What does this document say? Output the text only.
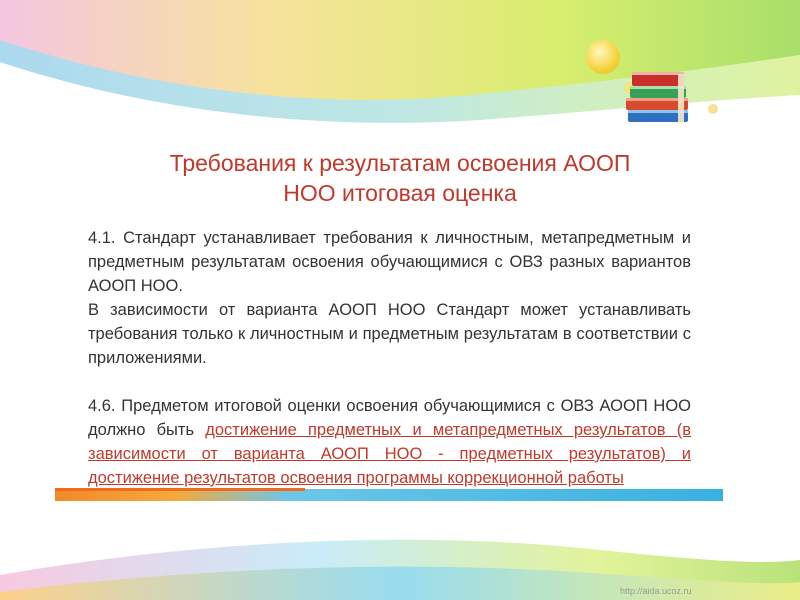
Требования к результатам освоения АООП
НОО итоговая оценка

4.1. Стандарт устанавливает требования к личностным, метапредметным и предметным результатам освоения обучающимися с ОВЗ разных вариантов АООП НОО.

В зависимости от варианта АООП НОО Стандарт может устанавливать требования только к личностным и предметным результатам в соответствии с приложениями.

4.6. Предметом итоговой оценки освоения обучающимися с ОВЗ АООП НОО должно быть достижение предметных и метапредметных результатов (в зависимости от варианта АООП НОО - предметных результатов) и достижение результатов освоения программы коррекционной работы

http://aida.ucoz.ru
